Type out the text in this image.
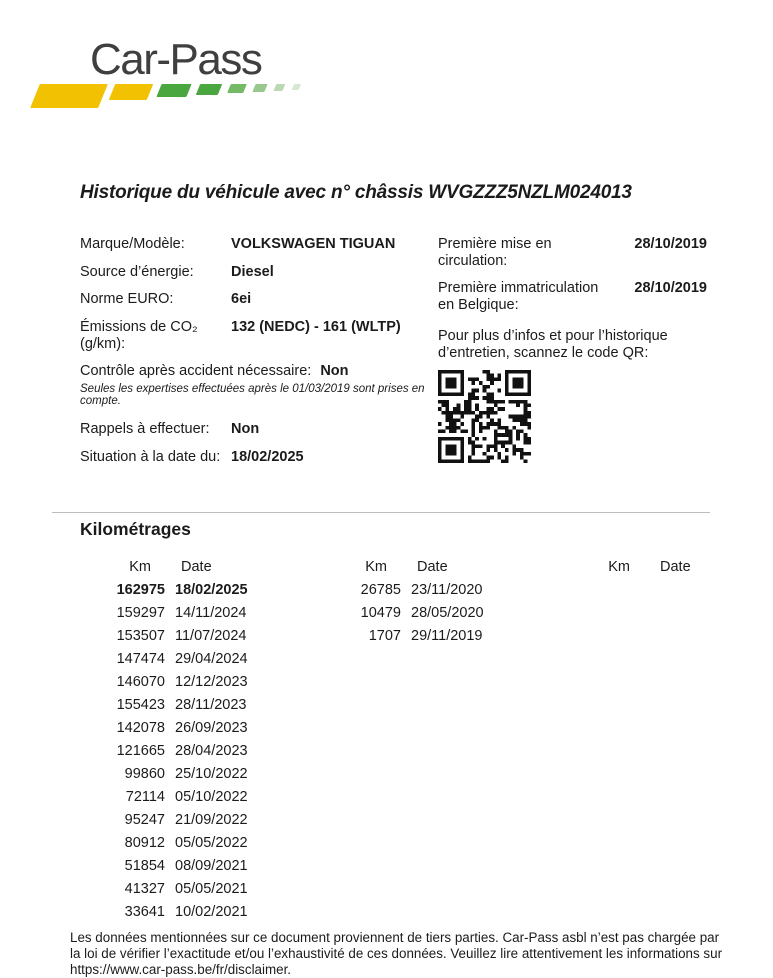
Car-Pass
Historique du véhicule avec n° châssis WVGZZZ5NZLM024013
Marque/Modèle:	VOLKSWAGEN TIGUAN
Source d’énergie:	Diesel
Norme EURO:	6ei
Émissions de CO₂ (g/km):
132 (NEDC) - 161 (WLTP)
Contrôle après accident nécessaire: Non
Seules les expertises effectuées après le 01/03/2019 sont prises en compte.
Rappels à effectuer:	Non
Situation à la date du: 18/02/2025
Première mise en circulation:
28/10/2019
Première immatriculation en Belgique:
28/10/2019
Pour plus d’infos et pour l’historique d’entretien, scannez le code QR:
Kilométrages
Km	Date
162975 18/02/2025
159297 14/11/2024
153507 11/07/2024
147474 29/04/2024
146070 12/12/2023
155423 28/11/2023
142078 26/09/2023
121665 28/04/2023
99860 25/10/2022
72114 05/10/2022
95247 21/09/2022
80912 05/05/2022
51854 08/09/2021
41327 05/05/2021
33641 10/02/2021
Km	Date
26785 23/11/2020
10479 28/05/2020
1707 29/11/2019
Km	Date

Les données mentionnées sur ce document proviennent de tiers parties. Car-Pass asbl n’est pas chargée par la loi de vérifier l’exactitude et/ou l’exhaustivité de ces données. Veuillez lire attentivement les informations sur https://www.car-pass.be/fr/disclaimer.
